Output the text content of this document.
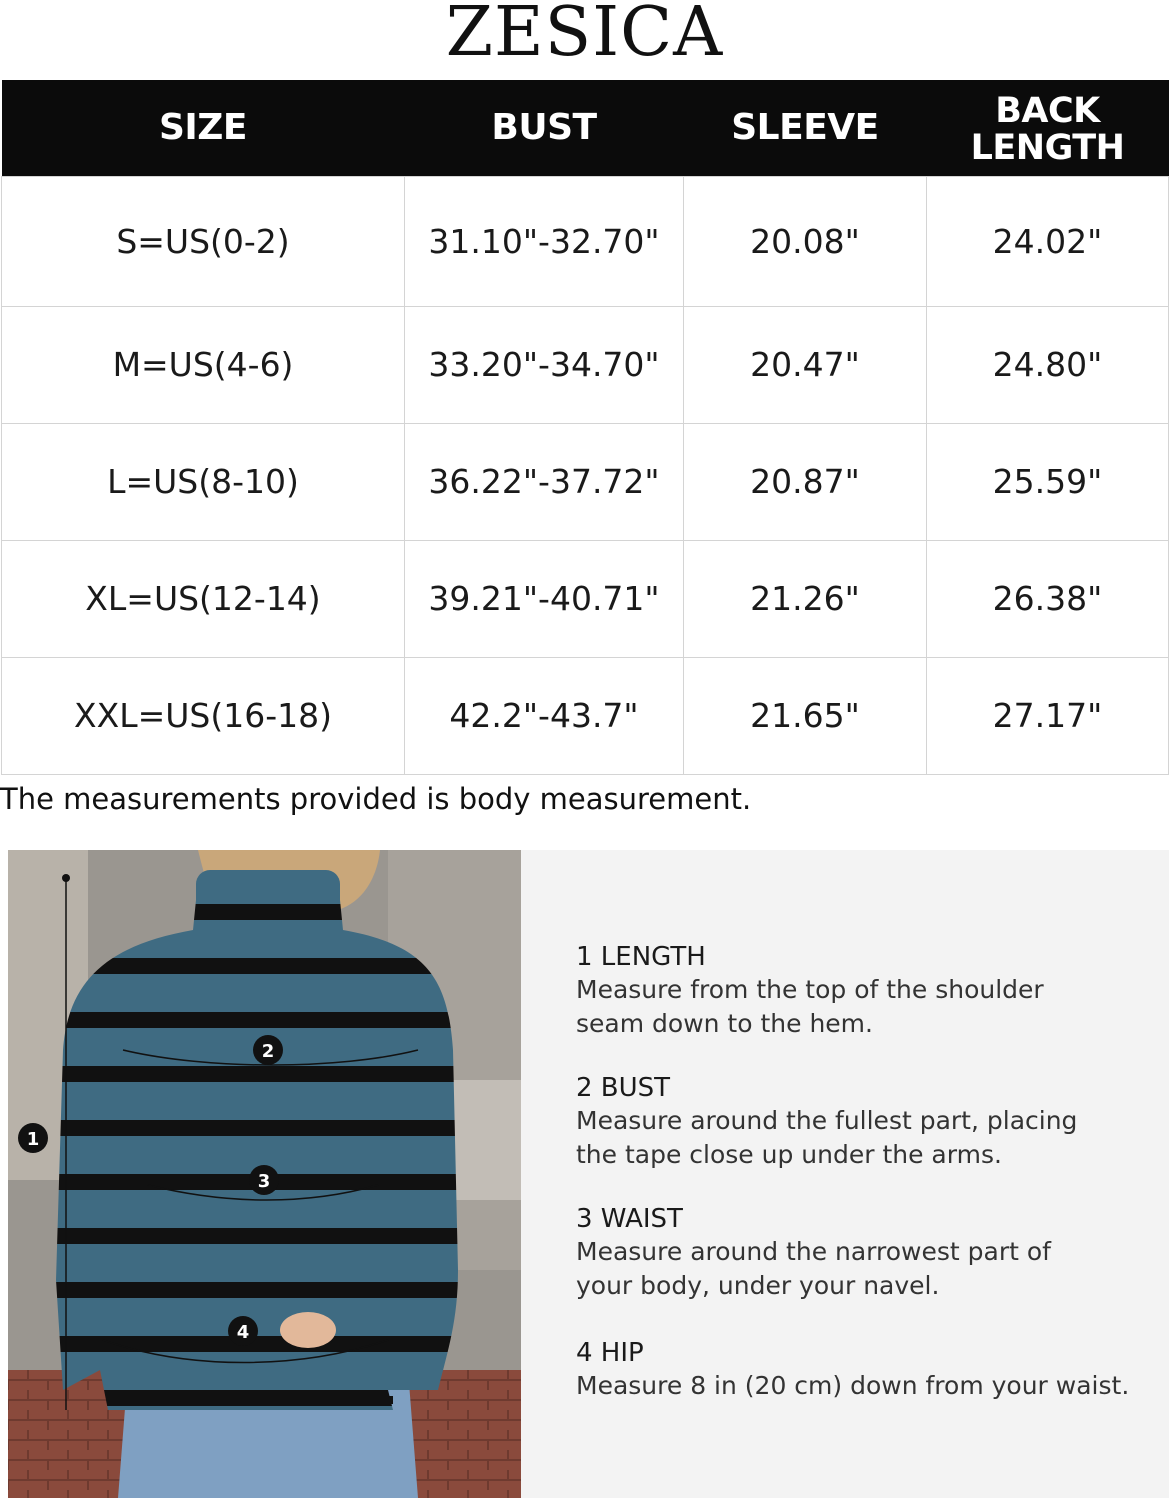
ZESICA
SIZE	BUST	SLEEVE	BACK LENGTH
S=US(0-2)	31.10"-32.70"	20.08"	24.02"
M=US(4-6)	33.20"-34.70"	20.47"	24.80"
L=US(8-10)	36.22"-37.72"	20.87"	25.59"
XL=US(12-14)	39.21"-40.71"	21.26"	26.38"
XXL=US(16-18)	42.2"-43.7"	21.65"	27.17"
The measurements provided is body measurement.
1
2
3
4
1 LENGTH
Measure from the top of the shoulder
seam down to the hem.
2 BUST
Measure around the fullest part, placing
the tape close up under the arms.
3 WAIST
Measure around the narrowest part of
your body, under your navel.
4 HIP
Measure 8 in (20 cm) down from your waist.
